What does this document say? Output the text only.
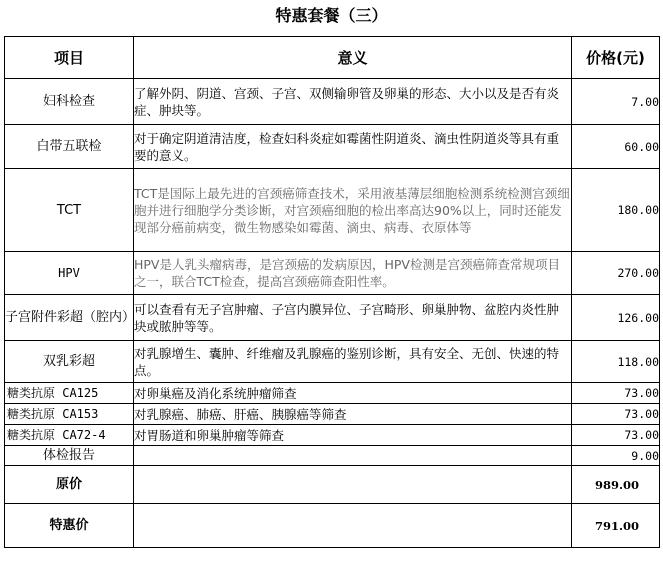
特惠套餐（三）
项目	意义	价格(元)
妇科检查	了解外阴、阴道、宫颈、子宫、双侧输卵管及卵巢的形态、大小以及是否有炎症、肿块等。	7.00
白带五联检	对于确定阴道清洁度，检查妇科炎症如霉菌性阴道炎、滴虫性阴道炎等具有重要的意义。	60.00
TCT	TCT是国际上最先进的宫颈癌筛查技术，采用液基薄层细胞检测系统检测宫颈细胞并进行细胞学分类诊断，对宫颈癌细胞的检出率高达90%以上，同时还能发现部分癌前病变，微生物感染如霉菌、滴虫、病毒、衣原体等	180.00
HPV	HPV是人乳头瘤病毒，是宫颈癌的发病原因，HPV检测是宫颈癌筛查常规项目之一，联合TCT检查，提高宫颈癌筛查阳性率。	270.00
子宫附件彩超（腔内）	可以查看有无子宫肿瘤、子宫内膜异位、子宫畸形、卵巢肿物、盆腔内炎性肿块或脓肿等等。	126.00
双乳彩超	对乳腺增生、囊肿、纤维瘤及乳腺癌的鉴别诊断，具有安全、无创、快速的特点。	118.00
糖类抗原 CA125	对卵巢癌及消化系统肿瘤筛查	73.00
糖类抗原 CA153	对乳腺癌、肺癌、肝癌、胰腺癌等筛查	73.00
糖类抗原 CA72-4	对胃肠道和卵巢肿瘤等筛查	73.00
体检报告		9.00
原价		989.00
特惠价		791.00
